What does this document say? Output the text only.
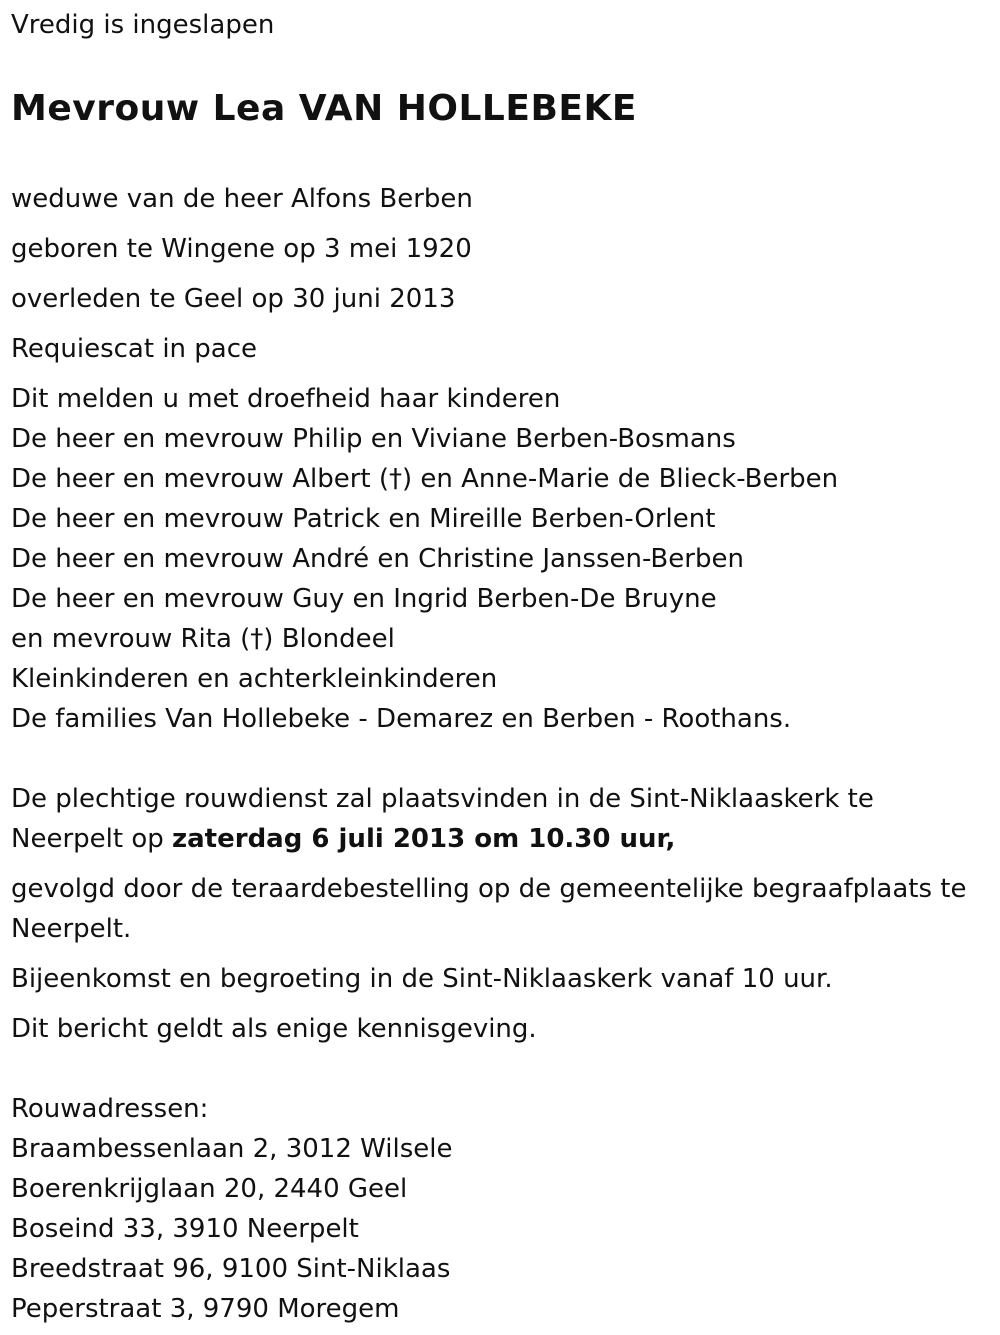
Vredig is ingeslapen

Mevrouw Lea VAN HOLLEBEKE

weduwe van de heer Alfons Berben

geboren te Wingene op 3 mei 1920

overleden te Geel op 30 juni 2013

Requiescat in pace

Dit melden u met droefheid haar kinderen

De heer en mevrouw Philip en Viviane Berben-Bosmans

De heer en mevrouw Albert (†) en Anne-Marie de Blieck-Berben

De heer en mevrouw Patrick en Mireille Berben-Orlent

De heer en mevrouw André en Christine Janssen-Berben

De heer en mevrouw Guy en Ingrid Berben-De Bruyne

en mevrouw Rita (†) Blondeel

Kleinkinderen en achterkleinkinderen

De families Van Hollebeke - Demarez en Berben - Roothans.

De plechtige rouwdienst zal plaatsvinden in de Sint-Niklaaskerk te Neerpelt op zaterdag 6 juli 2013 om 10.30 uur,

gevolgd door de teraardebestelling op de gemeentelijke begraafplaats te Neerpelt.

Bijeenkomst en begroeting in de Sint-Niklaaskerk vanaf 10 uur.

Dit bericht geldt als enige kennisgeving.

Rouwadressen:

Braambessenlaan 2, 3012 Wilsele

Boerenkrijglaan 20, 2440 Geel

Boseind 33, 3910 Neerpelt

Breedstraat 96, 9100 Sint-Niklaas

Peperstraat 3, 9790 Moregem
